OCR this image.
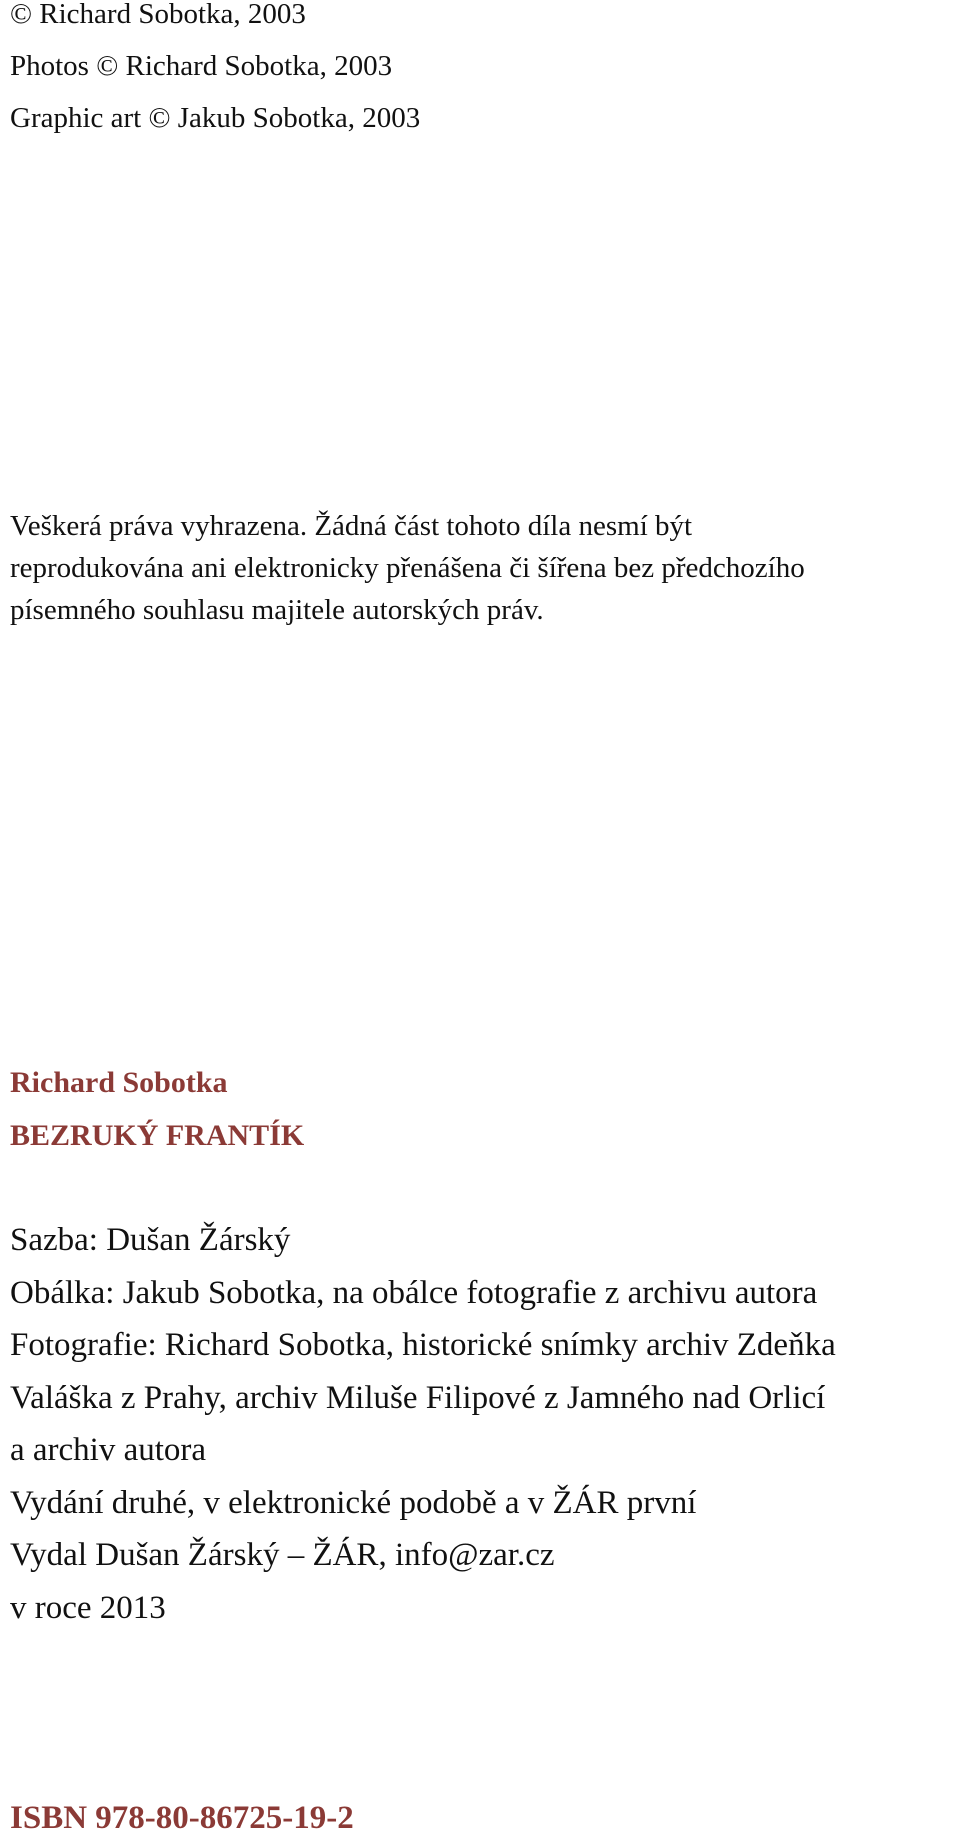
© Richard Sobotka, 2003
Photos © Richard Sobotka, 2003
Graphic art © Jakub Sobotka, 2003
Veškerá práva vyhrazena. Žádná část tohoto díla nesmí být
reprodukována ani elektronicky přenášena či šířena bez předchozího
písemného souhlasu majitele autorských práv.
Richard Sobotka
BEZRUKÝ FRANTÍK
Sazba: Dušan Žárský
Obálka: Jakub Sobotka, na obálce fotografie z archivu autora
Fotografie: Richard Sobotka, historické snímky archiv Zdeňka
Valáška z Prahy, archiv Miluše Filipové z Jamného nad Orlicí
a archiv autora
Vydání druhé, v elektronické podobě a v ŽÁR první
Vydal Dušan Žárský – ŽÁR, info@zar.cz
v roce 2013
ISBN 978-80-86725-19-2
